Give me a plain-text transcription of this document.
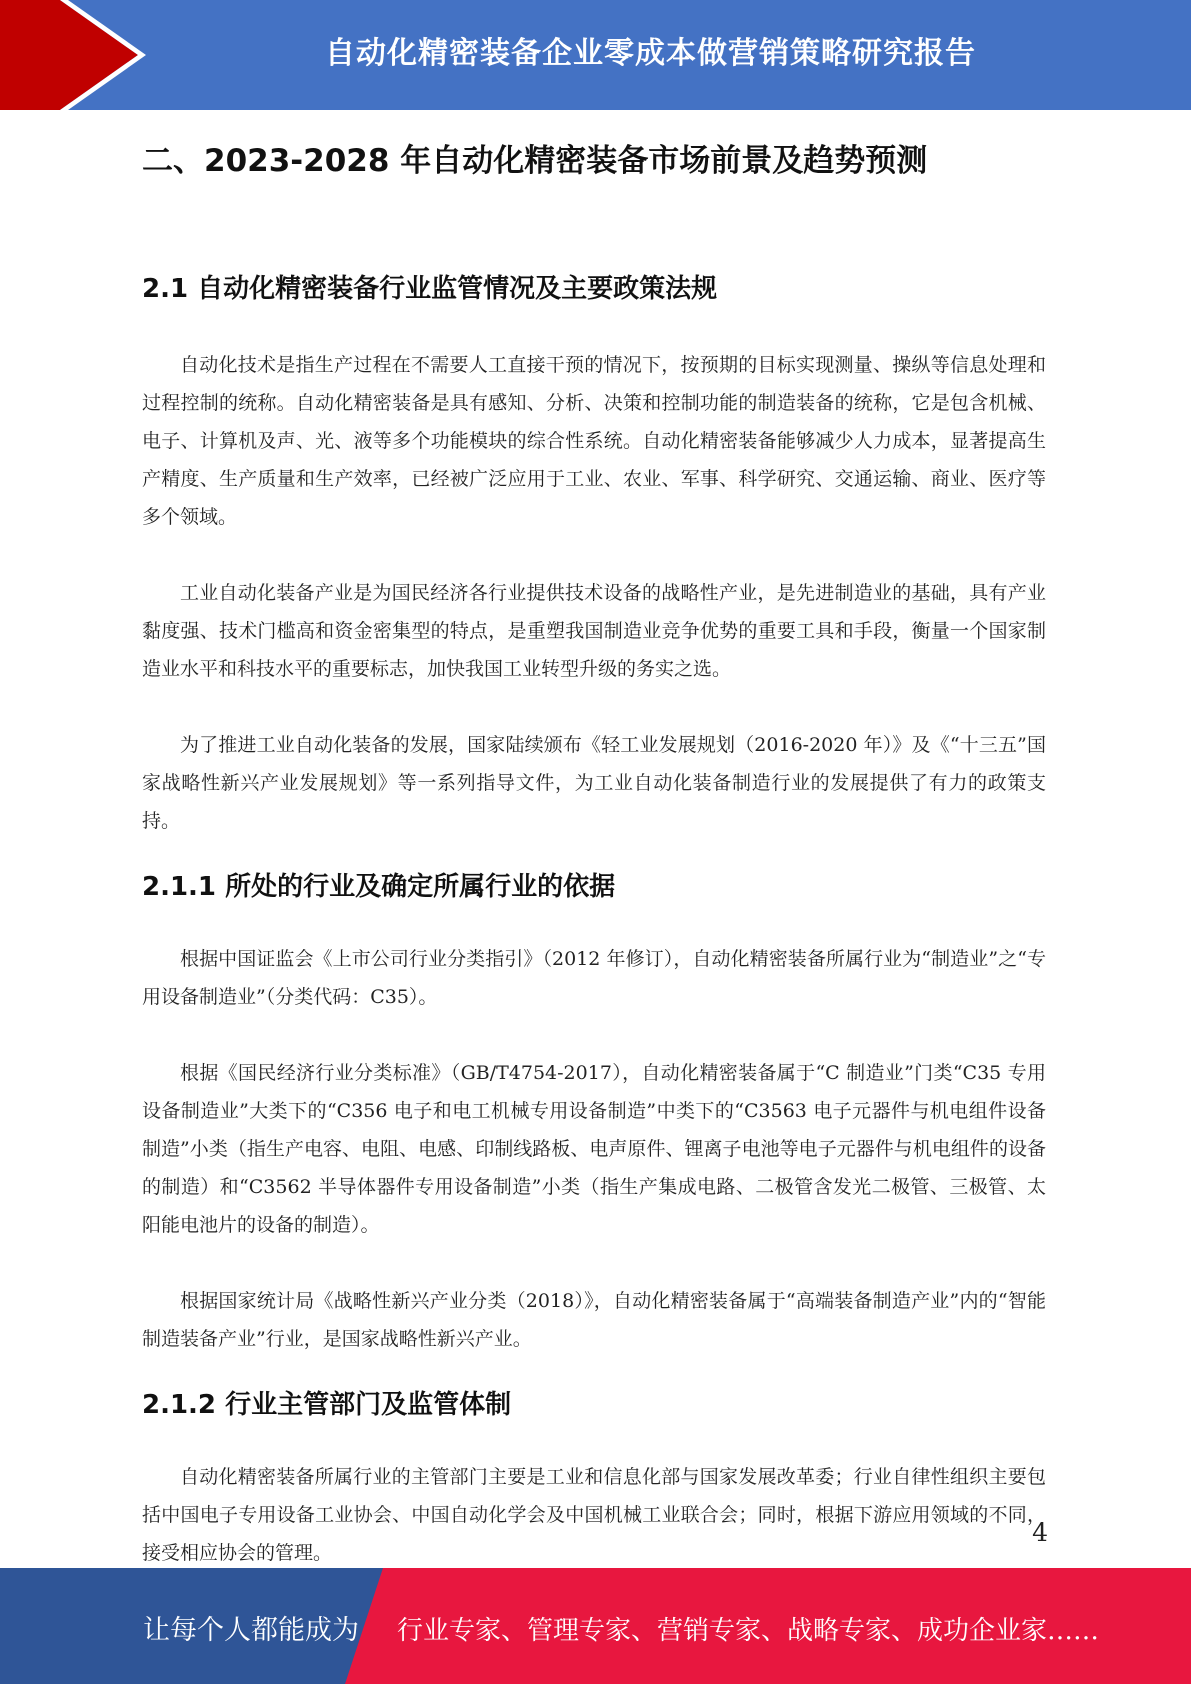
自动化精密装备企业零成本做营销策略研究报告
二、2023-2028 年自动化精密装备市场前景及趋势预测
2.1 自动化精密装备行业监管情况及主要政策法规

自动化技术是指生产过程在不需要人工直接干预的情况下，按预期的目标实现测量、操纵等信息处理和过程控制的统称。自动化精密装备是具有感知、分析、决策和控制功能的制造装备的统称，它是包含机械、电子、计算机及声、光、液等多个功能模块的综合性系统。自动化精密装备能够减少人力成本，显著提高生产精度、生产质量和生产效率，已经被广泛应用于工业、农业、军事、科学研究、交通运输、商业、医疗等多个领域。

工业自动化装备产业是为国民经济各行业提供技术设备的战略性产业，是先进制造业的基础，具有产业黏度强、技术门槛高和资金密集型的特点，是重塑我国制造业竞争优势的重要工具和手段，衡量一个国家制造业水平和科技水平的重要标志，加快我国工业转型升级的务实之选。

为了推进工业自动化装备的发展，国家陆续颁布《轻工业发展规划（2016-2020 年）》及《“十三五”国家战略性新兴产业发展规划》等一系列指导文件，为工业自动化装备制造行业的发展提供了有力的政策支持。

2.1.1 所处的行业及确定所属行业的依据

根据中国证监会《上市公司行业分类指引》（2012 年修订），自动化精密装备所属行业为“制造业”之“专用设备制造业”（分类代码：C35）。

根据《国民经济行业分类标准》（GB/T4754-2017），自动化精密装备属于“C 制造业”门类“C35 专用设备制造业”大类下的“C356 电子和电工机械专用设备制造”中类下的“C3563 电子元器件与机电组件设备制造”小类（指生产电容、电阻、电感、印制线路板、电声原件、锂离子电池等电子元器件与机电组件的设备的制造）和“C3562 半导体器件专用设备制造”小类（指生产集成电路、二极管含发光二极管、三极管、太阳能电池片的设备的制造）。

根据国家统计局《战略性新兴产业分类（2018）》，自动化精密装备属于“高端装备制造产业”内的“智能制造装备产业”行业，是国家战略性新兴产业。

2.1.2 行业主管部门及监管体制

自动化精密装备所属行业的主管部门主要是工业和信息化部与国家发展改革委；行业自律性组织主要包括中国电子专用设备工业协会、中国自动化学会及中国机械工业联合会；同时，根据下游应用领域的不同，接受相应协会的管理。

4
让每个人都能成为 行业专家、管理专家、营销专家、战略专家、成功企业家……
